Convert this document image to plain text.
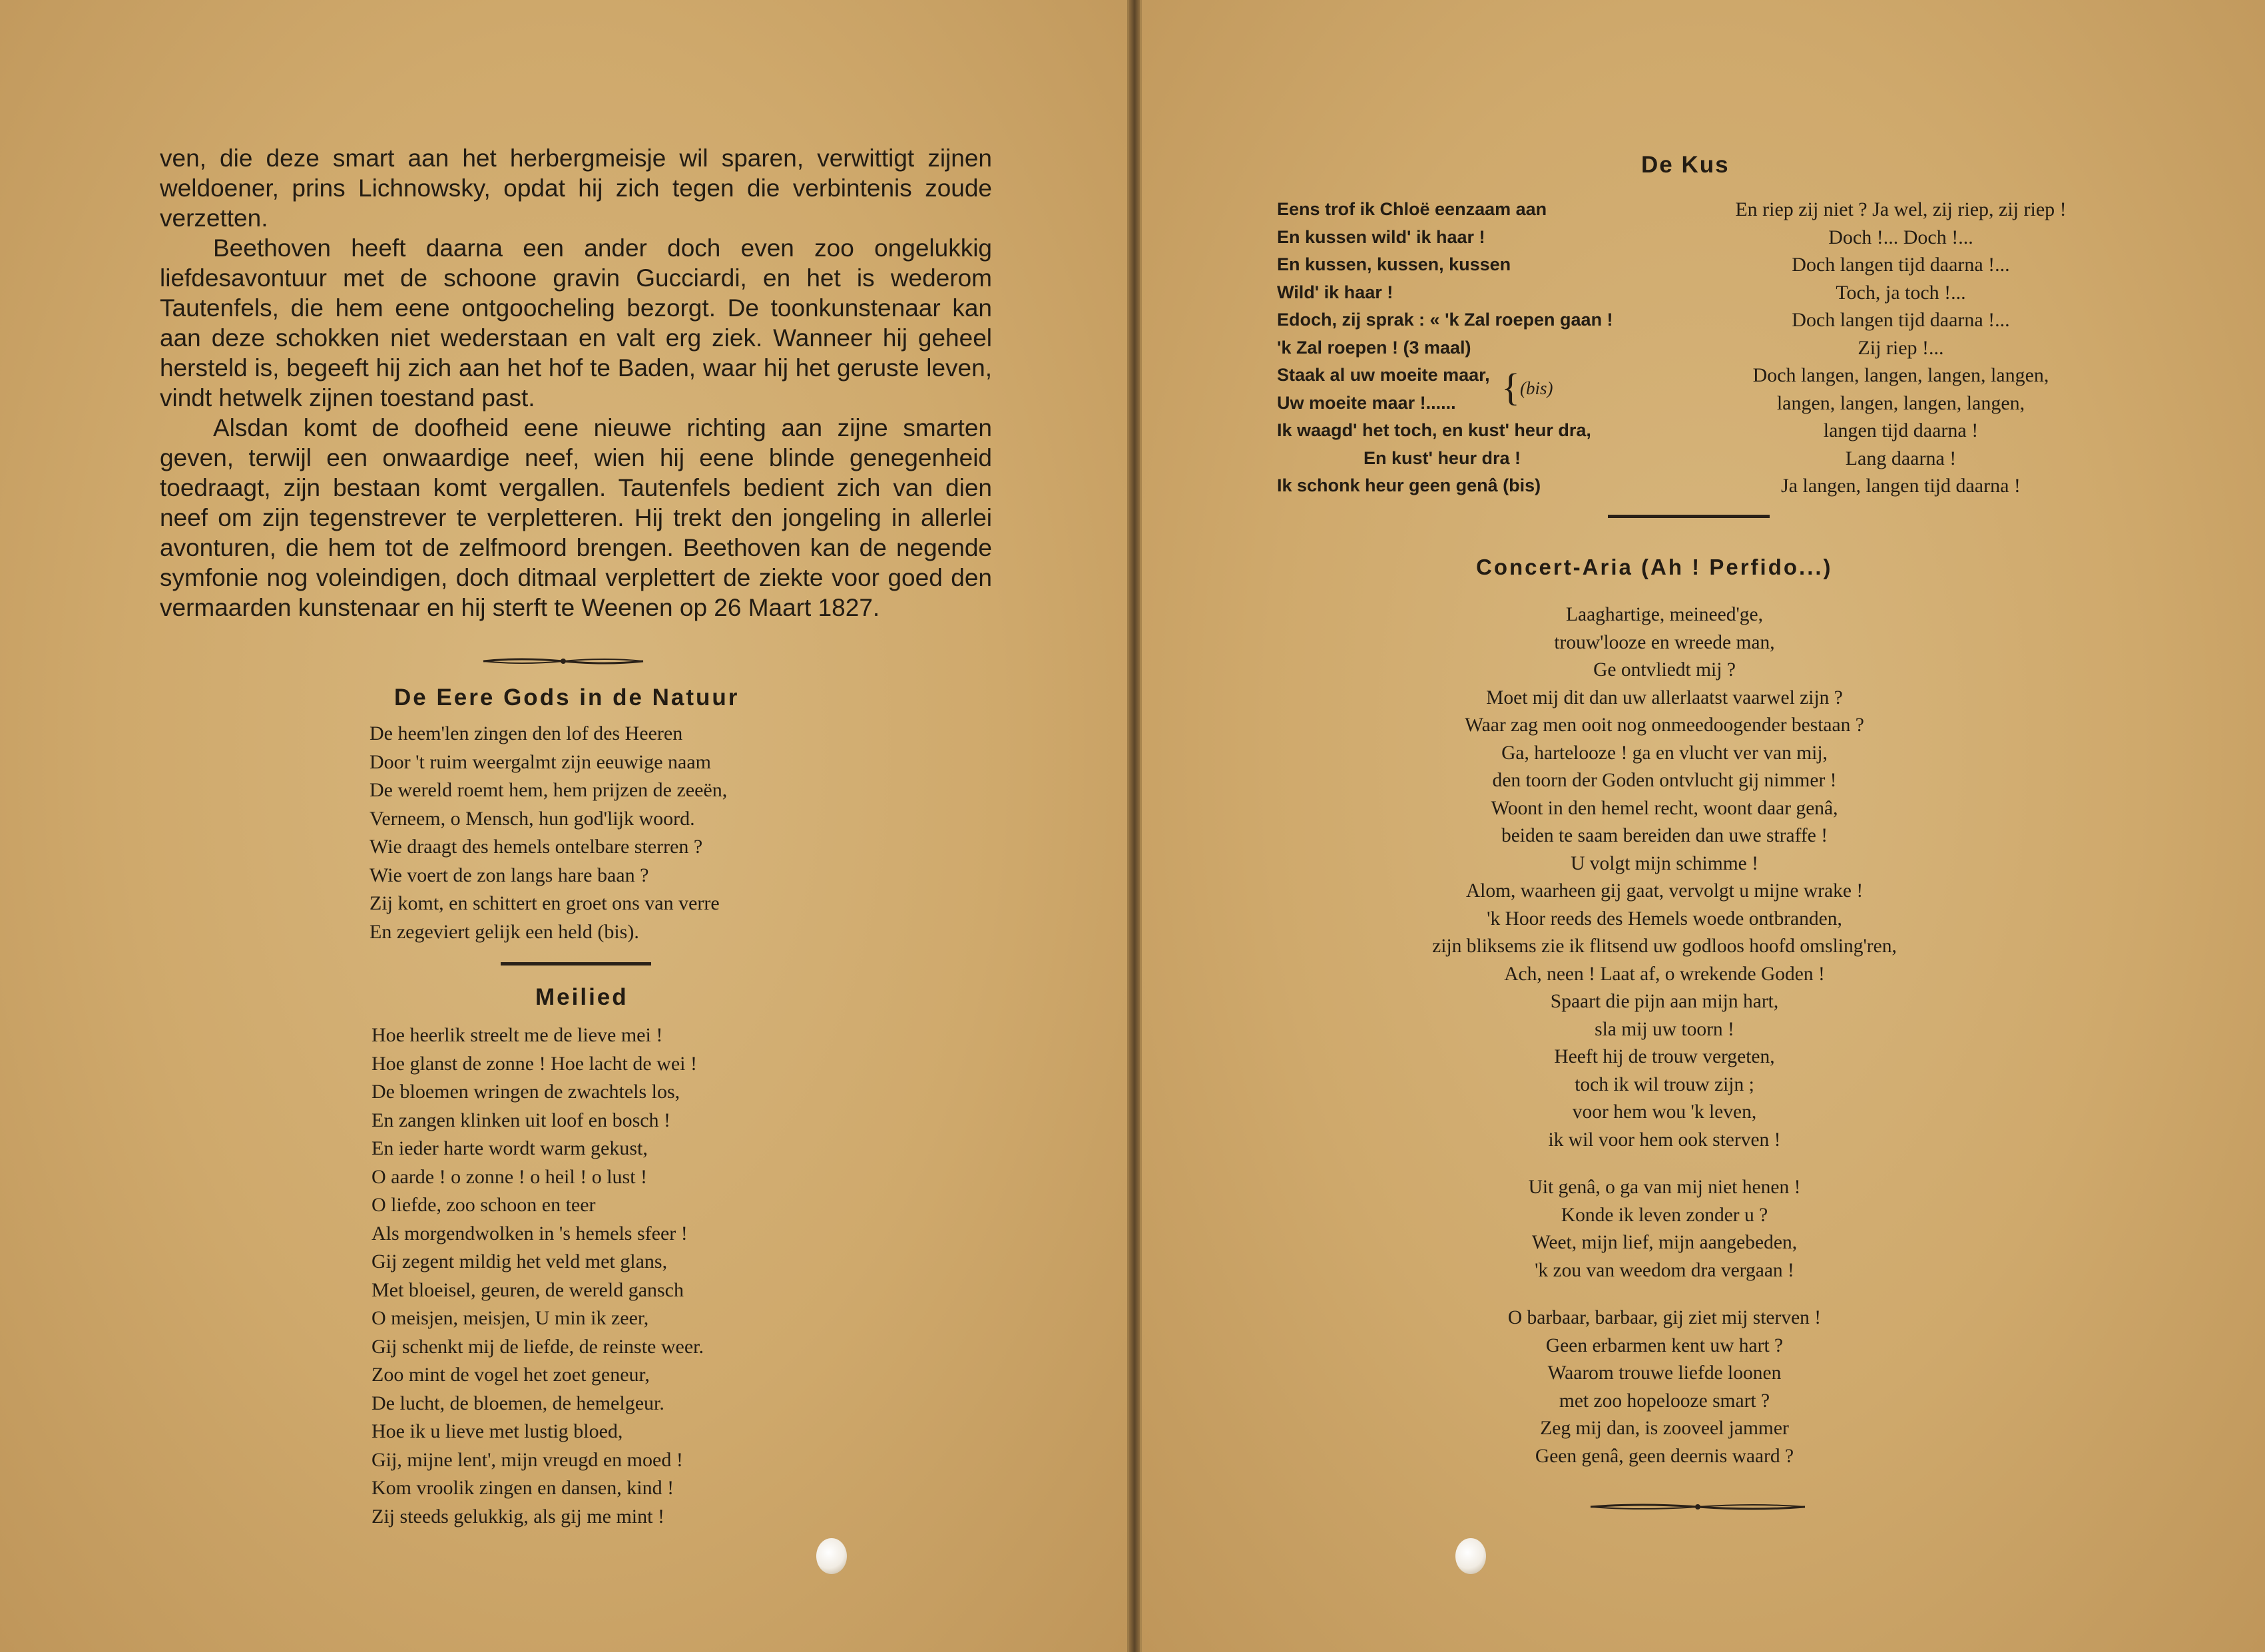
ven, die deze smart aan het herbergmeisje wil sparen, verwittigt zijnen weldoener, prins Lichnowsky, opdat hij zich tegen die verbintenis zoude verzetten.

Beethoven heeft daarna een ander doch even zoo ongelukkig liefdesavontuur met de schoone gravin Gucciardi, en het is wederom Tautenfels, die hem eene ontgoocheling bezorgt. De toonkunstenaar kan aan deze schokken niet wederstaan en valt erg ziek. Wanneer hij geheel hersteld is, begeeft hij zich aan het hof te Baden, waar hij het geruste leven, vindt hetwelk zijnen toestand past.

Alsdan komt de doofheid eene nieuwe richting aan zijne smarten geven, terwijl een onwaardige neef, wien hij eene blinde genegenheid toedraagt, zijn bestaan komt vergallen. Tautenfels bedient zich van dien neef om zijn tegenstrever te verpletteren. Hij trekt den jongeling in allerlei avonturen, die hem tot de zelfmoord brengen. Beethoven kan de negende symfonie nog voleindigen, doch ditmaal verplettert de ziekte voor goed den vermaarden kunstenaar en hij sterft te Weenen op 26 Maart 1827.

De Eere Gods in de Natuur
De heem'len zingen den lof des Heeren
Door 't ruim weergalmt zijn eeuwige naam
De wereld roemt hem, hem prijzen de zeeën,
Verneem, o Mensch, hun god'lijk woord.
Wie draagt des hemels ontelbare sterren ?
Wie voert de zon langs hare baan ?
Zij komt, en schittert en groet ons van verre
En zegeviert gelijk een held (bis).
Meilied
Hoe heerlik streelt me de lieve mei !
Hoe glanst de zonne ! Hoe lacht de wei !
De bloemen wringen de zwachtels los,
En zangen klinken uit loof en bosch !
En ieder harte wordt warm gekust,
O aarde ! o zonne ! o heil ! o lust !
O liefde, zoo schoon en teer
Als morgendwolken in 's hemels sfeer !
Gij zegent mildig het veld met glans,
Met bloeisel, geuren, de wereld gansch
O meisjen, meisjen, U min ik zeer,
Gij schenkt mij de liefde, de reinste weer.
Zoo mint de vogel het zoet geneur,
De lucht, de bloemen, de hemelgeur.
Hoe ik u lieve met lustig bloed,
Gij, mijne lent', mijn vreugd en moed !
Kom vroolik zingen en dansen, kind !
Zij steeds gelukkig, als gij me mint !
De Kus
Eens trof ik Chloë eenzaam aan
En kussen wild' ik haar !
En kussen, kussen, kussen
Wild' ik haar !
Edoch, zij sprak : « 'k Zal roepen gaan !
'k Zal roepen ! (3 maal)
Staak al uw moeite maar,
Uw moeite maar !......
Ik waagd' het toch, en kust' heur dra,
En kust' heur dra !
Ik schonk heur geen genâ (bis)
{ (bis)
En riep zij niet ? Ja wel, zij riep, zij riep !
Doch !... Doch !...
Doch langen tijd daarna !...
Toch, ja toch !...
Doch langen tijd daarna !...
Zij riep !...
Doch langen, langen, langen, langen,
langen, langen, langen, langen,
langen tijd daarna !
Lang daarna !
Ja langen, langen tijd daarna !
Concert-Aria (Ah ! Perfido...)
Laaghartige, meineed'ge,
trouw'looze en wreede man,
Ge ontvliedt mij ?
Moet mij dit dan uw allerlaatst vaarwel zijn ?
Waar zag men ooit nog onmeedoogender bestaan ?
Ga, harteloozе ! ga en vlucht ver van mij,
den toorn der Goden ontvlucht gij nimmer !
Woont in den hemel recht, woont daar genâ,
beiden te saam bereiden dan uwe straffe !
U volgt mijn schimme !
Alom, waarheen gij gaat, vervolgt u mijne wrake !
'k Hoor reeds des Hemels woede ontbranden,
zijn bliksems zie ik flitsend uw godloos hoofd omsling'ren,
Ach, neen ! Laat af, o wrekende Goden !
Spaart die pijn aan mijn hart,
sla mij uw toorn !
Heeft hij de trouw vergeten,
toch ik wil trouw zijn ;
voor hem wou 'k leven,
ik wil voor hem ook sterven !
Uit genâ, o ga van mij niet henen !
Konde ik leven zonder u ?
Weet, mijn lief, mijn aangebeden,
'k zou van weedom dra vergaan !
O barbaar, barbaar, gij ziet mij sterven !
Geen erbarmen kent uw hart ?
Waarom trouwe liefde loonen
met zoo hopelooze smart ?
Zeg mij dan, is zooveel jammer
Geen genâ, geen deernis waard ?
